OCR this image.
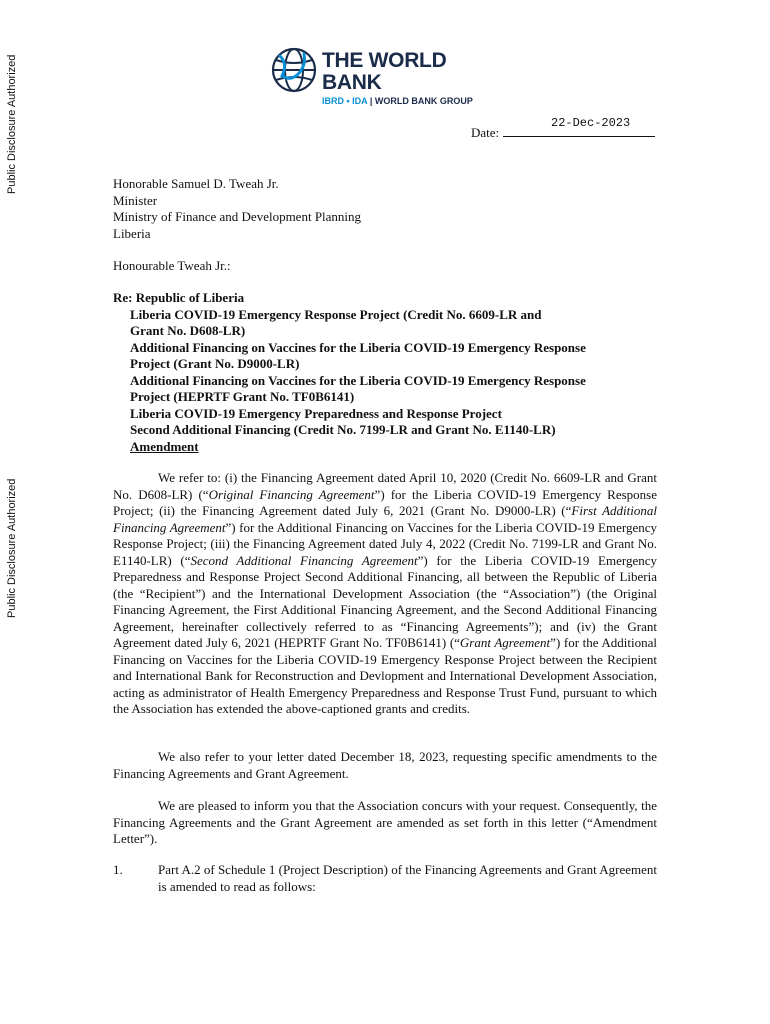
Public Disclosure Authorized
Public Disclosure Authorized
THE WORLD BANK
IBRD • IDA | WORLD BANK GROUP
22-Dec-2023
Date:
Honorable Samuel D. Tweah Jr.
Minister
Ministry of Finance and Development Planning
Liberia
Honourable Tweah Jr.:
Re: Republic of Liberia
Liberia COVID-19 Emergency Response Project (Credit No. 6609-LR and
Grant No. D608-LR)
Additional Financing on Vaccines for the Liberia COVID-19 Emergency Response
Project (Grant No. D9000-LR)
Additional Financing on Vaccines for the Liberia COVID-19 Emergency Response
Project (HEPRTF Grant No. TF0B6141)
Liberia COVID-19 Emergency Preparedness and Response Project
Second Additional Financing (Credit No. 7199-LR and Grant No. E1140-LR)
Amendment
We refer to: (i) the Financing Agreement dated April 10, 2020 (Credit No. 6609-LR and Grant No. D608-LR) (“Original Financing Agreement”) for the Liberia COVID-19 Emergency Response Project; (ii) the Financing Agreement dated July 6, 2021 (Grant No. D9000-LR) (“First Additional Financing Agreement”) for the Additional Financing on Vaccines for the Liberia COVID-19 Emergency Response Project; (iii) the Financing Agreement dated July 4, 2022 (Credit No. 7199-LR and Grant No. E1140-LR) (“Second Additional Financing Agreement”) for the Liberia COVID-19 Emergency Preparedness and Response Project Second Additional Financing, all between the Republic of Liberia (the “Recipient”) and the International Development Association (the “Association”) (the Original Financing Agreement, the First Additional Financing Agreement, and the Second Additional Financing Agreement, hereinafter collectively referred to as “Financing Agreements”); and (iv) the Grant Agreement dated July 6, 2021 (HEPRTF Grant No. TF0B6141) (“Grant Agreement”) for the Additional Financing on Vaccines for the Liberia COVID-19 Emergency Response Project between the Recipient and International Bank for Reconstruction and Devlopment and International Development Association, acting as administrator of Health Emergency Preparedness and Response Trust Fund, pursuant to which the Association has extended the above-captioned grants and credits.
We also refer to your letter dated December 18, 2023, requesting specific amendments to the Financing Agreements and Grant Agreement.
We are pleased to inform you that the Association concurs with your request. Consequently, the Financing Agreements and the Grant Agreement are amended as set forth in this letter (“Amendment Letter”).
1.	Part A.2 of Schedule 1 (Project Description) of the Financing Agreements and Grant Agreement is amended to read as follows:
